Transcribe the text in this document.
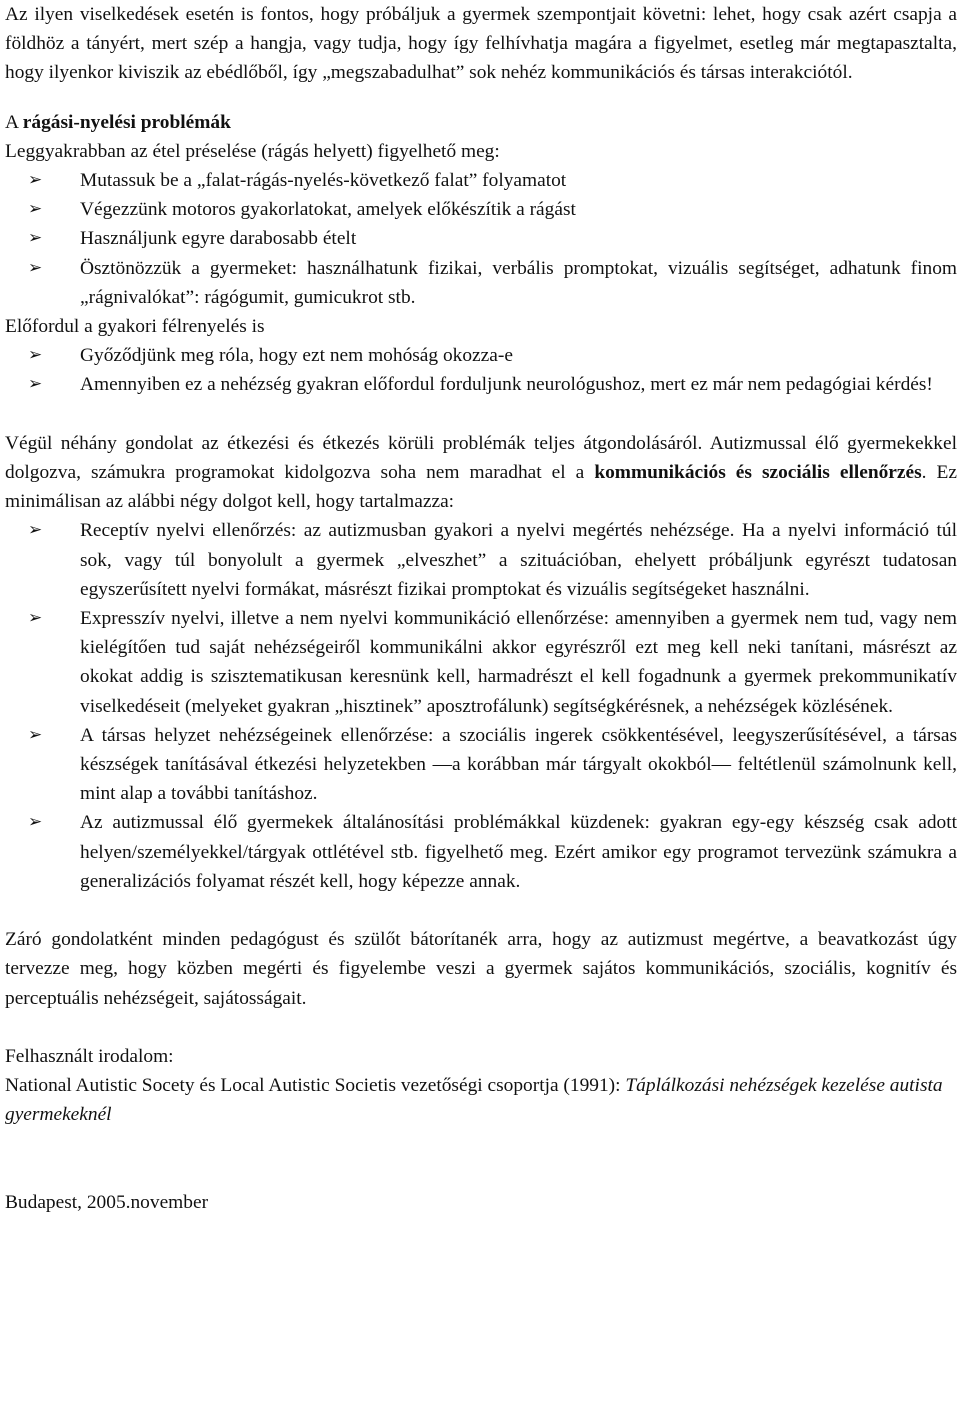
Az ilyen viselkedések esetén is fontos, hogy próbáljuk a gyermek szempontjait követni: lehet, hogy csak azért csapja a földhöz a tányért, mert szép a hangja, vagy tudja, hogy így felhívhatja magára a figyelmet, esetleg már megtapasztalta, hogy ilyenkor kiviszik az ebédlőből, így „megszabadulhat” sok nehéz kommunikációs és társas interakciótól.

A rágási-nyelési problémák

Leggyakrabban az étel préselése (rágás helyett) figyelhető meg:

➢ Mutassuk be a „falat-rágás-nyelés-következő falat” folyamatot
➢ Végezzünk motoros gyakorlatokat, amelyek előkészítik a rágást
➢ Használjunk egyre darabosabb ételt
➢ Ösztönözzük a gyermeket: használhatunk fizikai, verbális promptokat, vizuális segítséget, adhatunk finom „rágnivalókat”: rágógumit, gumicukrot stb.

Előfordul a gyakori félrenyelés is

➢ Győződjünk meg róla, hogy ezt nem mohóság okozza-e
➢ Amennyiben ez a nehézség gyakran előfordul forduljunk neurológushoz, mert ez már nem pedagógiai kérdés!

Végül néhány gondolat az étkezési és étkezés körüli problémák teljes átgondolásáról. Autizmussal élő gyermekekkel dolgozva, számukra programokat kidolgozva soha nem maradhat el a kommunikációs és szociális ellenőrzés. Ez minimálisan az alábbi négy dolgot kell, hogy tartalmazza:

➢ Receptív nyelvi ellenőrzés: az autizmusban gyakori a nyelvi megértés nehézsége. Ha a nyelvi információ túl sok, vagy túl bonyolult a gyermek „elveszhet” a szituációban, ehelyett próbáljunk egyrészt tudatosan egyszerűsített nyelvi formákat, másrészt fizikai promptokat és vizuális segítségeket használni.
➢ Expresszív nyelvi, illetve a nem nyelvi kommunikáció ellenőrzése: amennyiben a gyermek nem tud, vagy nem kielégítően tud saját nehézségeiről kommunikálni akkor egyrészről ezt meg kell neki tanítani, másrészt az okokat addig is szisztematikusan keresnünk kell, harmadrészt el kell fogadnunk a gyermek prekommunikatív viselkedéseit (melyeket gyakran „hisztinek” aposztrofálunk) segítségkérésnek, a nehézségek közlésének.
➢ A társas helyzet nehézségeinek ellenőrzése: a szociális ingerek csökkentésével, leegyszerűsítésével, a társas készségek tanításával étkezési helyzetekben —a korábban már tárgyalt okokból— feltétlenül számolnunk kell, mint alap a további tanításhoz.
➢ Az autizmussal élő gyermekek általánosítási problémákkal küzdenek: gyakran egy-egy készség csak adott helyen/személyekkel/tárgyak ottlétével stb. figyelhető meg. Ezért amikor egy programot tervezünk számukra a generalizációs folyamat részét kell, hogy képezze annak.

Záró gondolatként minden pedagógust és szülőt bátorítanék arra, hogy az autizmust megértve, a beavatkozást úgy tervezze meg, hogy közben megérti és figyelembe veszi a gyermek sajátos kommunikációs, szociális, kognitív és perceptuális nehézségeit, sajátosságait.

Felhasznált irodalom:

National Autistic Socety és Local Autistic Societis vezetőségi csoportja (1991): Táplálkozási nehézségek kezelése autista gyermekeknél

Budapest, 2005.november
